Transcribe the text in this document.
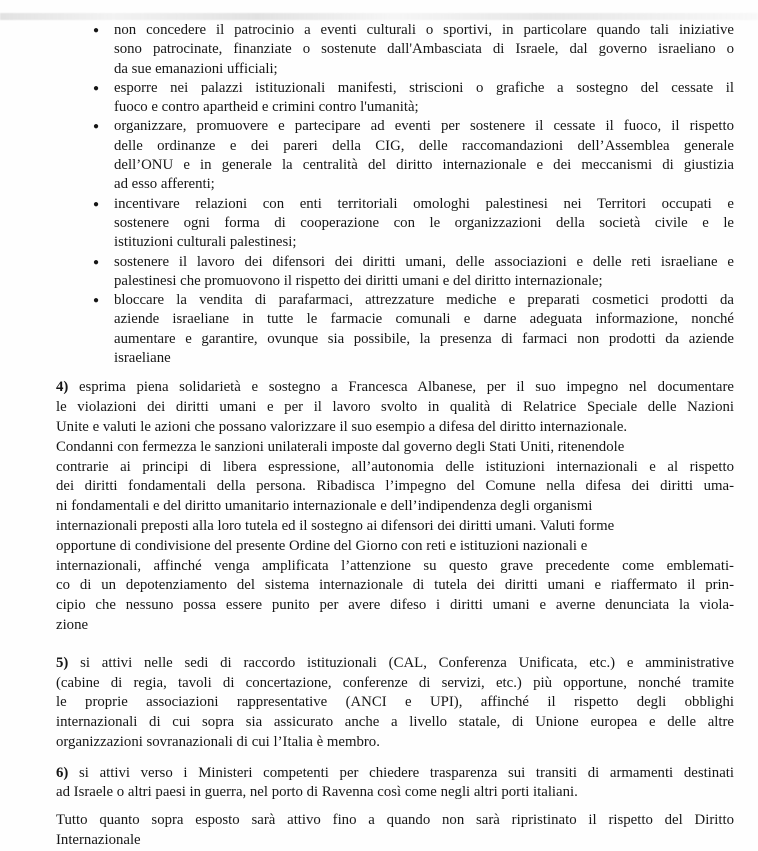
●	non concedere il patrocinio a eventi culturali o sportivi, in particolare quando tali iniziative
sono patrocinate, finanziate o sostenute dall'Ambasciata di Israele, dal governo israeliano o
da sue emanazioni ufficiali;
●	esporre nei palazzi istituzionali manifesti, striscioni o grafiche a sostegno del cessate il
fuoco e contro apartheid e crimini contro l'umanità;
●	organizzare, promuovere e partecipare ad eventi per sostenere il cessate il fuoco, il rispetto
delle ordinanze e dei pareri della CIG, delle raccomandazioni dell’Assemblea generale
dell’ONU e in generale la centralità del diritto internazionale e dei meccanismi di giustizia
ad esso afferenti;
●	incentivare relazioni con enti territoriali omologhi palestinesi nei Territori occupati e
sostenere ogni forma di cooperazione con le organizzazioni della società civile e le
istituzioni culturali palestinesi;
●	sostenere il lavoro dei difensori dei diritti umani, delle associazioni e delle reti israeliane e
palestinesi che promuovono il rispetto dei diritti umani e del diritto internazionale;
●	bloccare la vendita di parafarmaci, attrezzature mediche e preparati cosmetici prodotti da
aziende israeliane in tutte le farmacie comunali e darne adeguata informazione, nonché
aumentare e garantire, ovunque sia possibile, la presenza di farmaci non prodotti da aziende
israeliane
4) esprima piena solidarietà e sostegno a Francesca Albanese, per il suo impegno nel documentare
le violazioni dei diritti umani e per il lavoro svolto in qualità di Relatrice Speciale delle Nazioni
Unite e valuti le azioni che possano valorizzare il suo esempio a difesa del diritto internazionale.
Condanni con fermezza le sanzioni unilaterali imposte dal governo degli Stati Uniti, ritenendole
contrarie ai principi di libera espressione, all’autonomia delle istituzioni internazionali e al rispetto
dei diritti fondamentali della persona. Ribadisca l’impegno del Comune nella difesa dei diritti uma-
ni fondamentali e del diritto umanitario internazionale e dell’indipendenza degli organismi
internazionali preposti alla loro tutela ed il sostegno ai difensori dei diritti umani. Valuti forme
opportune di condivisione del presente Ordine del Giorno con reti e istituzioni nazionali e
internazionali, affinché venga amplificata l’attenzione su questo grave precedente come emblemati-
co di un depotenziamento del sistema internazionale di tutela dei diritti umani e riaffermato il prin-
cipio che nessuno possa essere punito per avere difeso i diritti umani e averne denunciata la viola-
zione
5) si attivi nelle sedi di raccordo istituzionali (CAL, Conferenza Unificata, etc.) e amministrative
(cabine di regia, tavoli di concertazione, conferenze di servizi, etc.) più opportune, nonché tramite
le proprie associazioni rappresentative (ANCI e UPI), affinché il rispetto degli obblighi
internazionali di cui sopra sia assicurato anche a livello statale, di Unione europea e delle altre
organizzazioni sovranazionali di cui l’Italia è membro.
6) si attivi verso i Ministeri competenti per chiedere trasparenza sui transiti di armamenti destinati
ad Israele o altri paesi in guerra, nel porto di Ravenna così come negli altri porti italiani.
Tutto quanto sopra esposto sarà attivo fino a quando non sarà ripristinato il rispetto del Diritto
Internazionale
